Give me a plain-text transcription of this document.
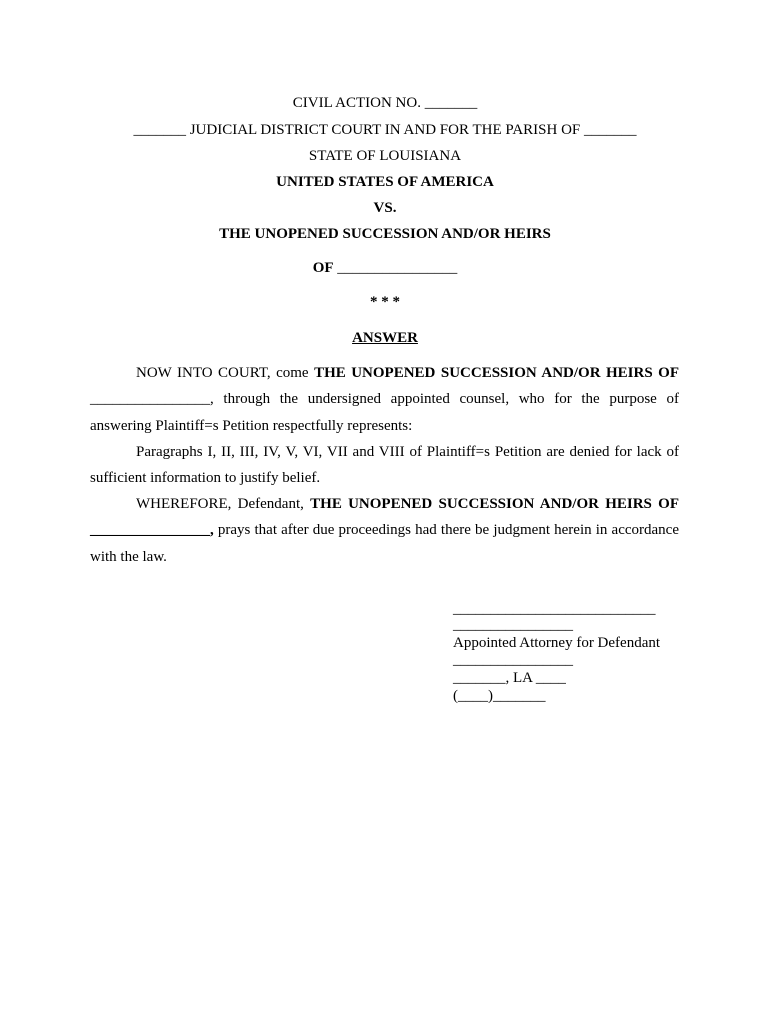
CIVIL ACTION NO. _______
_______ JUDICIAL DISTRICT COURT IN AND FOR THE PARISH OF _______
STATE OF LOUISIANA
UNITED STATES OF AMERICA
VS.
THE UNOPENED SUCCESSION AND/OR HEIRS
OF ________________
* * *
ANSWER
NOW INTO COURT, come THE UNOPENED SUCCESSION AND/OR HEIRS OF ________________, through the undersigned appointed counsel, who for the purpose of answering Plaintiff=s Petition respectfully represents:
Paragraphs I, II, III, IV, V, VI, VII and VIII of Plaintiff=s Petition are denied for lack of sufficient information to justify belief.
WHEREFORE, Defendant, THE UNOPENED SUCCESSION AND/OR HEIRS OF ________________, prays that after due proceedings had there be judgment herein in accordance with the law.
___________________________
________________
Appointed Attorney for Defendant
________________
_______, LA ____
(____)_______
